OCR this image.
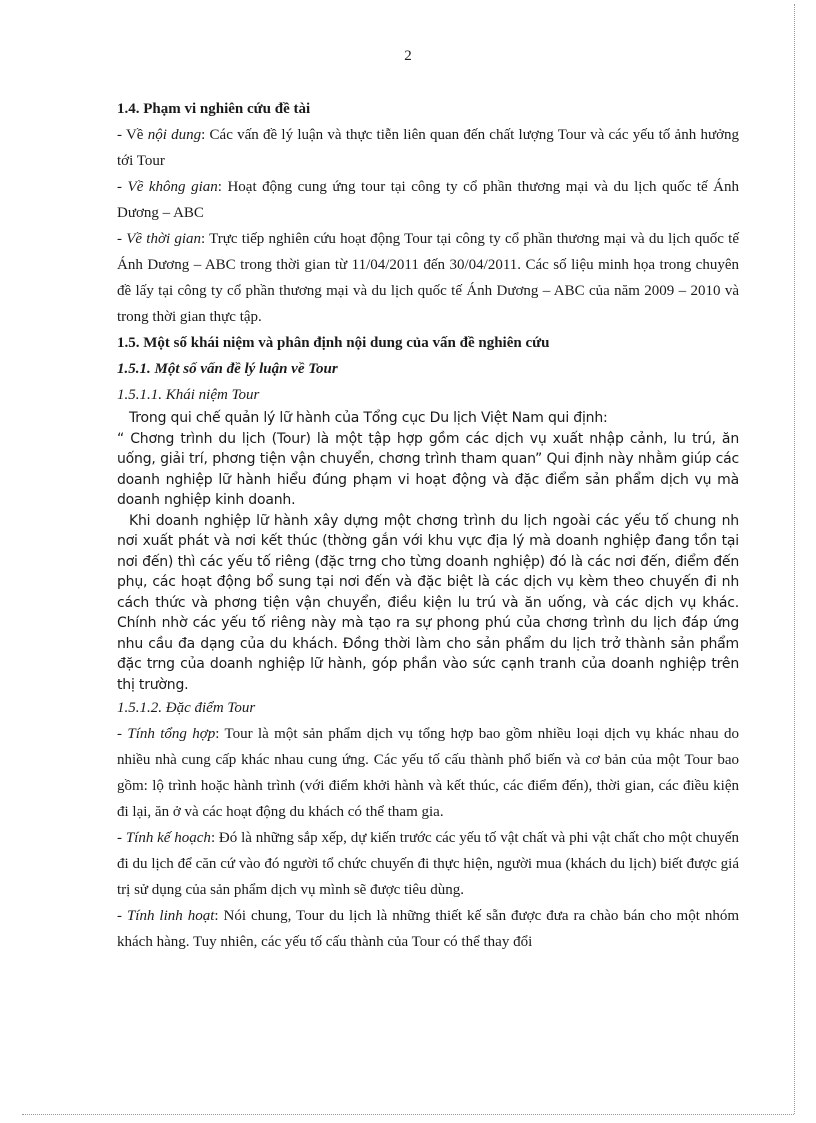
2

1.4. Phạm vi nghiên cứu đề tài

- Về nội dung: Các vấn đề lý luận và thực tiễn liên quan đến chất lượng Tour và các yếu tố ảnh hưởng tới Tour

- Về không gian: Hoạt động cung ứng tour tại công ty cổ phần thương mại và du lịch quốc tế Ánh Dương – ABC

- Về thời gian: Trực tiếp nghiên cứu hoạt động Tour tại công ty cổ phần thương mại và du lịch quốc tế Ánh Dương – ABC trong thời gian từ 11/04/2011 đến 30/04/2011. Các số liệu minh họa trong chuyên đề lấy tại công ty cổ phần thương mại và du lịch quốc tế Ánh Dương – ABC của năm 2009 – 2010 và trong thời gian thực tập.

1.5. Một số khái niệm và phân định nội dung của vấn đề nghiên cứu

1.5.1. Một số vấn đề lý luận về Tour

1.5.1.1. Khái niệm Tour

Trong qui chế quản lý lữ hành của Tổng cục Du lịch Việt Nam qui định:

“ Chơng trình du lịch (Tour) là một tập hợp gồm các dịch vụ xuất nhập cảnh, lu trú, ăn uống, giải trí, phơng tiện vận chuyển, chơng trình tham quan” Qui định này nhằm giúp các doanh nghiệp lữ hành hiểu đúng phạm vi hoạt động và đặc điểm sản phẩm dịch vụ mà doanh nghiệp kinh doanh.

Khi doanh nghiệp lữ hành xây dựng một chơng trình du lịch ngoài các yếu tố chung nh nơi xuất phát và nơi kết thúc (thờng gắn với khu vực địa lý mà doanh nghiệp đang tồn tại nơi đến) thì các yếu tố riêng (đặc trng cho từng doanh nghiệp) đó là các nơi đến, điểm đến phụ, các hoạt động bổ sung tại nơi đến và đặc biệt là các dịch vụ kèm theo chuyến đi nh cách thức và phơng tiện vận chuyển, điều kiện lu trú và ăn uống, và các dịch vụ khác. Chính nhờ các yếu tố riêng này mà tạo ra sự phong phú của chơng trình du lịch đáp ứng nhu cầu đa dạng của du khách. Đồng thời làm cho sản phẩm du lịch trở thành sản phẩm đặc trng của doanh nghiệp lữ hành, góp phần vào sức cạnh tranh của doanh nghiệp trên thị trường.

1.5.1.2. Đặc điểm Tour

- Tính tổng hợp: Tour là một sản phẩm dịch vụ tổng hợp bao gồm nhiều loại dịch vụ khác nhau do nhiều nhà cung cấp khác nhau cung ứng. Các yếu tố cấu thành phổ biến và cơ bản của một Tour bao gồm: lộ trình hoặc hành trình (với điểm khởi hành và kết thúc, các điểm đến), thời gian, các điều kiện đi lại, ăn ở và các hoạt động du khách có thể tham gia.

- Tính kế hoạch: Đó là những sắp xếp, dự kiến trước các yếu tố vật chất và phi vật chất cho một chuyến đi du lịch để căn cứ vào đó người tổ chức chuyến đi thực hiện, người mua (khách du lịch) biết được giá trị sử dụng của sản phẩm dịch vụ mình sẽ được tiêu dùng.

- Tính linh hoạt: Nói chung, Tour du lịch là những thiết kế sẵn được đưa ra chào bán cho một nhóm khách hàng. Tuy nhiên, các yếu tố cấu thành của Tour có thể thay đổi
